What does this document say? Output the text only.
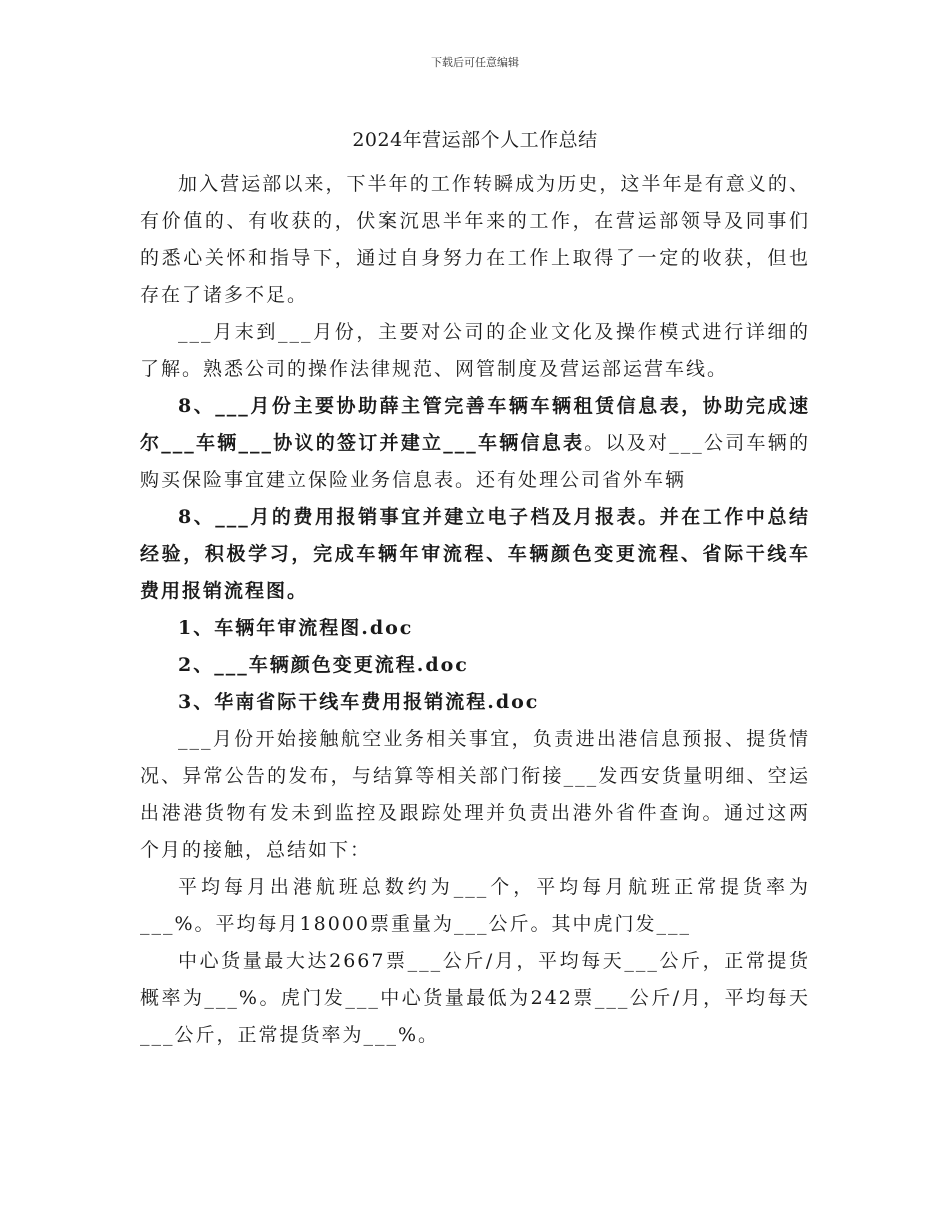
下载后可任意编辑
2024年营运部个人工作总结

加入营运部以来，下半年的工作转瞬成为历史，这半年是有意义的、有价值的、有收获的，伏案沉思半年来的工作，在营运部领导及同事们的悉心关怀和指导下，通过自身努力在工作上取得了一定的收获，但也存在了诸多不足。

___月末到___月份，主要对公司的企业文化及操作模式进行详细的了解。熟悉公司的操作法律规范、网管制度及营运部运营车线。

8、___月份主要协助薛主管完善车辆车辆租赁信息表，协助完成速尔___车辆___协议的签订并建立___车辆信息表。以及对___公司车辆的购买保险事宜建立保险业务信息表。还有处理公司省外车辆

8、___月的费用报销事宜并建立电子档及月报表。并在工作中总结经验，积极学习，完成车辆年审流程、车辆颜色变更流程、省际干线车费用报销流程图。

1、车辆年审流程图.doc

2、___车辆颜色变更流程.doc

3、华南省际干线车费用报销流程.doc

___月份开始接触航空业务相关事宜，负责进出港信息预报、提货情况、异常公告的发布，与结算等相关部门衔接___发西安货量明细、空运出港港货物有发未到监控及跟踪处理并负责出港外省件查询。通过这两个月的接触，总结如下：

平均每月出港航班总数约为___个，平均每月航班正常提货率为___%。平均每月18000票重量为___公斤。其中虎门发___

中心货量最大达2667票___公斤/月，平均每天___公斤，正常提货概率为___%。虎门发___中心货量最低为242票___公斤/月，平均每天___公斤，正常提货率为___%。
